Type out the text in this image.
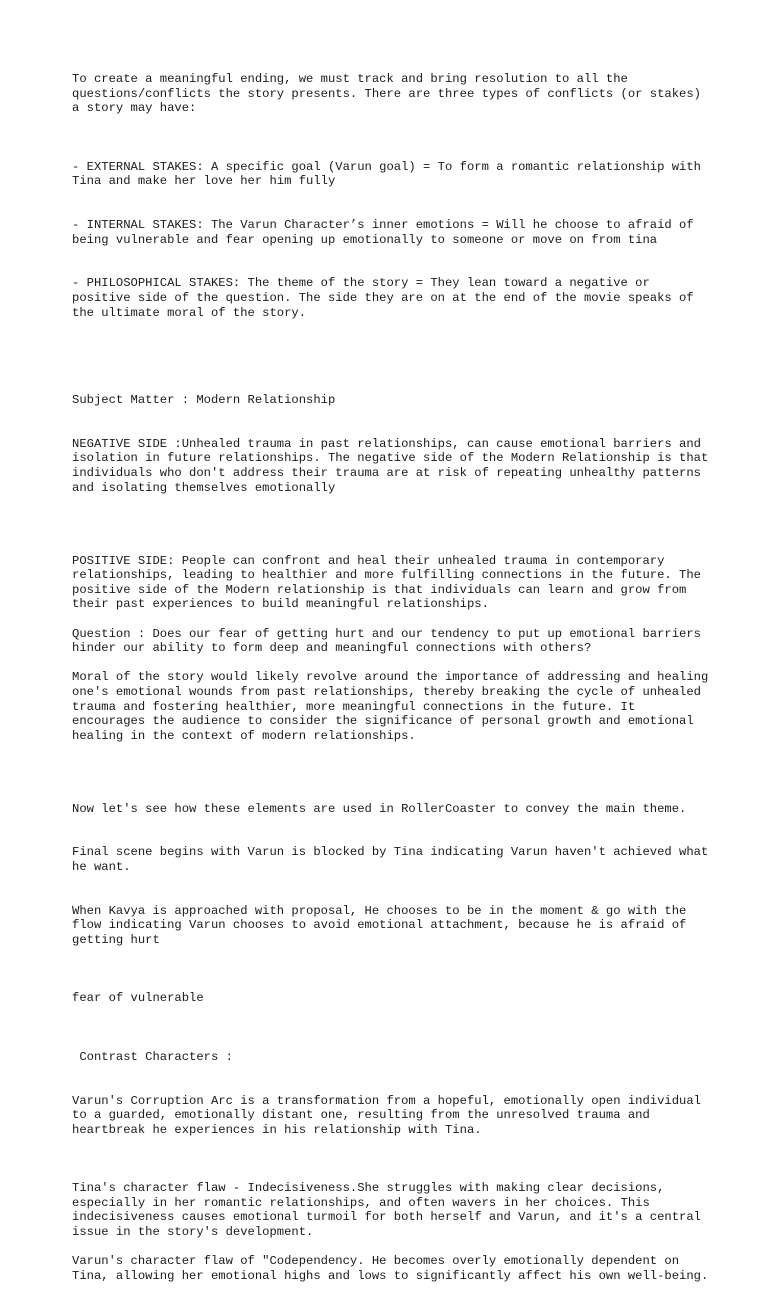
To create a meaningful ending, we must track and bring resolution to all the questions/conflicts the story presents. There are three types of conflicts (or stakes) a story may have:

- EXTERNAL STAKES: A specific goal (Varun goal) = To form a romantic relationship with Tina and make her love her him fully

- INTERNAL STAKES: The Varun Character’s inner emotions = Will he choose to afraid of being vulnerable and fear opening up emotionally to someone or move on from tina

- PHILOSOPHICAL STAKES: The theme of the story = They lean toward a negative or positive side of the question. The side they are on at the end of the movie speaks of the ultimate moral of the story.

Subject Matter : Modern Relationship

NEGATIVE SIDE :Unhealed trauma in past relationships, can cause emotional barriers and isolation in future relationships. The negative side of the Modern Relationship is that individuals who don't address their trauma are at risk of repeating unhealthy patterns and isolating themselves emotionally

POSITIVE SIDE: People can confront and heal their unhealed trauma in contemporary relationships, leading to healthier and more fulfilling connections in the future. The positive side of the Modern relationship is that individuals can learn and grow from their past experiences to build meaningful relationships.

Question : Does our fear of getting hurt and our tendency to put up emotional barriers hinder our ability to form deep and meaningful connections with others?

Moral of the story would likely revolve around the importance of addressing and healing one's emotional wounds from past relationships, thereby breaking the cycle of unhealed trauma and fostering healthier, more meaningful connections in the future. It encourages the audience to consider the significance of personal growth and emotional healing in the context of modern relationships.

Now let's see how these elements are used in RollerCoaster to convey the main theme.

Final scene begins with Varun is blocked by Tina indicating Varun haven't achieved what he want.

When Kavya is approached with proposal, He chooses to be in the moment & go with the flow indicating Varun chooses to avoid emotional attachment, because he is afraid of getting hurt

fear of vulnerable

Contrast Characters :

Varun's Corruption Arc is a transformation from a hopeful, emotionally open individual to a guarded, emotionally distant one, resulting from the unresolved trauma and heartbreak he experiences in his relationship with Tina.

Tina's character flaw - Indecisiveness.She struggles with making clear decisions, especially in her romantic relationships, and often wavers in her choices. This indecisiveness causes emotional turmoil for both herself and Varun, and it's a central issue in the story's development.

Varun's character flaw of "Codependency. He becomes overly emotionally dependent on Tina, allowing her emotional highs and lows to significantly affect his own well-being.
